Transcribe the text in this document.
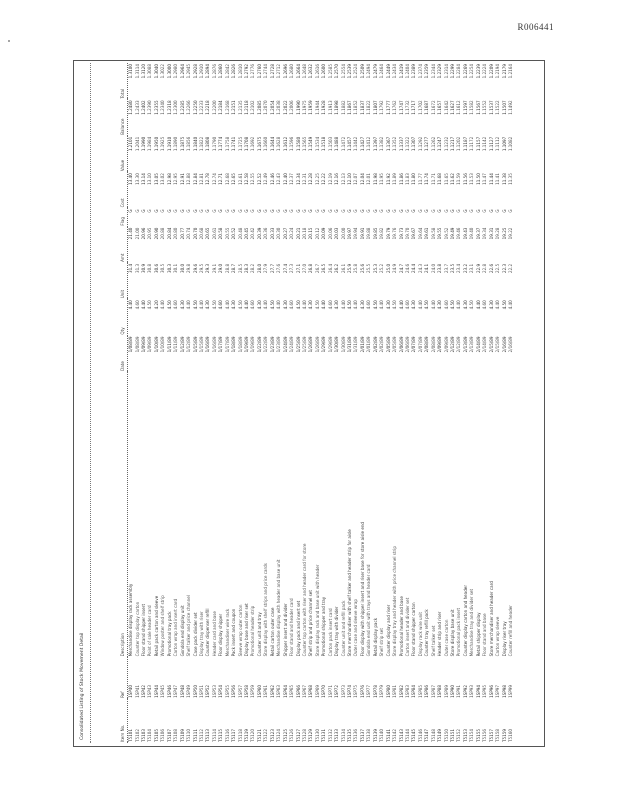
R006441
Consolidated Listing of Stock Movement Detail	Item No.	Ref	Description	Date	Qty	Unit	Amt	Flag	Cost	Value	Balance	Total
T5101	1SP40	Merchandise display rack assembly	1/08/89	4.40	31.4	21.40	G	13.40	1.2101	1.2480	1.3100
T5102	1SP41	Counter top display carton	1/08/89	4.60	31.3	21.00	G	13.30	1.2041	1.2433	1.3114
T5103	1SP42	Floor stand shipper insert	1/09/89	4.40	30.9	20.96	G	13.14	1.1990	1.2402	1.3120
T5104	1SP43	Point of sale header card	1/09/89	4.50	30.8	20.95	G	13.10	1.1984	1.2390	1.3088
T5105	1SP44	Retail pack carton and sleeve	1/10/89	4.20	30.6	20.90	G	13.05	1.1950	1.2355	1.3040
T5106	1SP45	Window poster and shelf strip	1/10/89	4.40	30.5	20.88	G	13.02	1.1925	1.2340	1.3022
T5107	1SP46	Promotional tray pack	1/11/89	4.50	30.3	20.84	G	12.98	1.1910	1.2318	1.3000
T5108	1SP47	Carton wrap and insert card	1/11/89	4.60	30.1	20.80	G	12.95	1.1890	1.2300	1.2980
T5109	1SP48	Gondola end display unit	1/12/89	4.30	30.0	20.77	G	12.91	1.1875	1.2285	1.2964
T5110	1SP49	Shelf talker and price channel	1/12/89	4.40	29.8	20.74	G	12.88	1.1856	1.2266	1.2945
T5111	1SP50	Case pack divider set	1/15/89	4.50	29.6	20.70	G	12.84	1.1840	1.2250	1.2928
T5112	1SP51	Display tray with riser	1/15/89	4.40	29.5	20.68	G	12.81	1.1822	1.2233	1.2910
T5113	1SP52	Counter dispenser refill	1/16/89	4.30	29.3	20.65	G	12.78	1.1808	1.2218	1.2894
T5114	1SP53	Header card and base	1/16/89	4.50	29.1	20.61	G	12.74	1.1790	1.2200	1.2876
T5115	1SP54	Floor display shipper	1/17/89	4.60	29.0	20.58	G	12.71	1.1774	1.2184	1.2860
T5116	1SP55	Merchandiser wire rack	1/17/89	4.40	28.8	20.55	G	12.68	1.1758	1.2168	1.2842
T5117	1SP56	Pack insert and coupon	1/18/89	4.30	28.7	20.52	G	12.65	1.1741	1.2151	1.2826
T5118	1SP57	Sleeve wrap outer carton	1/18/89	4.50	28.5	20.48	G	12.61	1.1725	1.2135	1.2810
T5119	1SP58	Display base and riser set	1/19/89	4.40	28.3	20.45	G	12.58	1.1708	1.2118	1.2792
T5120	1SP59	Promotional header strip	1/19/89	4.60	28.2	20.42	G	12.55	1.1692	1.2102	1.2776
T5121	1SP60	Counter unit and tray	1/22/89	4.30	28.0	20.39	G	12.52	1.1675	1.2085	1.2760
T5122	1SP61	Store display with shelf strips and price cards	1/22/89	4.40	27.9	20.36	G	12.49	1.1660	1.2070	1.2744
T5123	1SP62	Retail carton outer case	1/23/89	4.50	27.7	20.33	G	12.46	1.1644	1.2054	1.2728
T5124	1SP63	Merchandise display with header and base unit	1/23/89	4.40	27.6	20.30	G	12.43	1.1628	1.2038	1.2712
T5125	1SP64	Shipper insert and divider	1/24/89	4.30	27.4	20.27	G	12.40	1.1612	1.2022	1.2696
T5126	1SP65	Floor stand and header card	1/24/89	4.60	27.3	20.24	G	12.37	1.1596	1.2006	1.2680
T5127	1SP66	Display pack and insert set	1/25/89	4.50	27.1	20.21	G	12.34	1.1580	1.1990	1.2664
T5128	1SP67	Counter top carton with riser and header card for store	1/25/89	4.40	27.0	20.18	G	12.31	1.1565	1.1975	1.2648
T5129	1SP68	Shelf strip and price channel set	1/26/89	4.30	26.8	20.15	G	12.28	1.1549	1.1959	1.2632
T5130	1SP69	Store display rack and base unit with header	1/26/89	4.50	26.7	20.12	G	12.25	1.1534	1.1944	1.2616
T5131	1SP70	Promotional shipper and tray	1/29/89	4.40	26.5	20.09	G	12.22	1.1518	1.1928	1.2600
T5132	1SP71	Carton pack insert card	1/29/89	4.60	26.4	20.06	G	12.19	1.1503	1.1913	1.2585
T5133	1SP72	Display tray with divider	1/30/89	4.30	26.2	20.03	G	12.16	1.1488	1.1898	1.2570
T5134	1SP73	Counter unit and refill pack	1/30/89	4.40	26.1	20.00	G	12.13	1.1472	1.1882	1.2554
T5135	1SP74	Store merchandiser with shelf talker and header strip for aisle	1/31/89	4.50	25.9	19.97	G	12.10	1.1457	1.1867	1.2539
T5136	1SP75	Outer case and sleeve wrap	1/31/89	4.40	25.8	19.94	G	12.07	1.1442	1.1852	1.2524
T5137	1SP76	Floor display with shipper insert and riser base for store aisle end	2/01/89	4.30	25.6	19.91	G	12.04	1.1427	1.1837	1.2509
T5138	1SP77	Gondola end unit with trays and header card	2/01/89	4.60	25.5	19.88	G	12.01	1.1412	1.1822	1.2494
T5139	1SP78	Retail display pack	2/02/89	4.50	25.3	19.85	G	11.98	1.1397	1.1807	1.2479
T5140	1SP79	Shelf strip set	2/02/89	4.40	25.2	19.82	G	11.95	1.1382	1.1792	1.2464
T5141	1SP80	Counter display and riser	2/05/89	4.30	25.0	19.79	G	11.92	1.1367	1.1777	1.2449
T5142	1SP81	Store display tray and header with price channel strip	2/05/89	4.50	24.9	19.76	G	11.89	1.1352	1.1762	1.2434
T5143	1SP82	Promotional header and base	2/06/89	4.40	24.7	19.73	G	11.86	1.1337	1.1747	1.2419
T5144	1SP83	Carton insert and divider set	2/06/89	4.60	24.6	19.70	G	11.83	1.1322	1.1732	1.2404
T5145	1SP84	Floor stand shipper carton	2/07/89	4.30	24.4	19.67	G	11.80	1.1307	1.1717	1.2389
T5146	1SP85	Display rack wire unit	2/07/89	4.40	24.3	19.64	G	11.77	1.1292	1.1702	1.2374
T5147	1SP86	Counter tray refill pack	2/08/89	4.50	24.1	19.61	G	11.74	1.1277	1.1687	1.2359
T5148	1SP87	Shelf talker set	2/08/89	4.40	24.0	19.58	G	11.71	1.1262	1.1672	1.2344
T5149	1SP88	Header strip and riser	2/09/89	4.30	23.8	19.55	G	11.68	1.1247	1.1657	1.2329
T5150	1SP89	Outer case carton	2/09/89	4.60	23.7	19.52	G	11.65	1.1232	1.1642	1.2314
T5151	1SP90	Store display base unit	2/12/89	4.50	23.5	19.49	G	11.62	1.1217	1.1627	1.2299
T5152	1SP91	Promotional pack insert	2/12/89	4.40	23.4	19.46	G	11.59	1.1202	1.1612	1.2284
T5153	1SP92	Counter display carton and header	2/13/89	4.30	23.2	19.43	G	11.56	1.1187	1.1597	1.2269
T5154	1SP93	Merchandise tray and divider set	2/13/89	4.50	23.1	19.40	G	11.53	1.1172	1.1582	1.2254
T5155	1SP94	Retail shipper display	2/14/89	4.40	22.9	19.37	G	11.50	1.1157	1.1567	1.2239
T5156	1SP95	Floor stand and base	2/14/89	4.60	22.8	19.34	G	11.47	1.1142	1.1552	1.2224
T5157	1SP96	Store merchandiser and header card	2/15/89	4.30	22.6	19.31	G	11.44	1.1127	1.1537	1.2209
T5158	1SP97	Carton wrap sleeve	2/15/89	4.40	22.5	19.28	G	11.41	1.1112	1.1522	1.2194
T5159	1SP98	Display riser tray	2/16/89	4.50	22.3	19.25	G	11.38	1.1097	1.1507	1.2179
T5160	1SP99	Counter refill and header	2/16/89	4.40	22.2	19.22	G	11.35	1.1082	1.1492	1.2164
